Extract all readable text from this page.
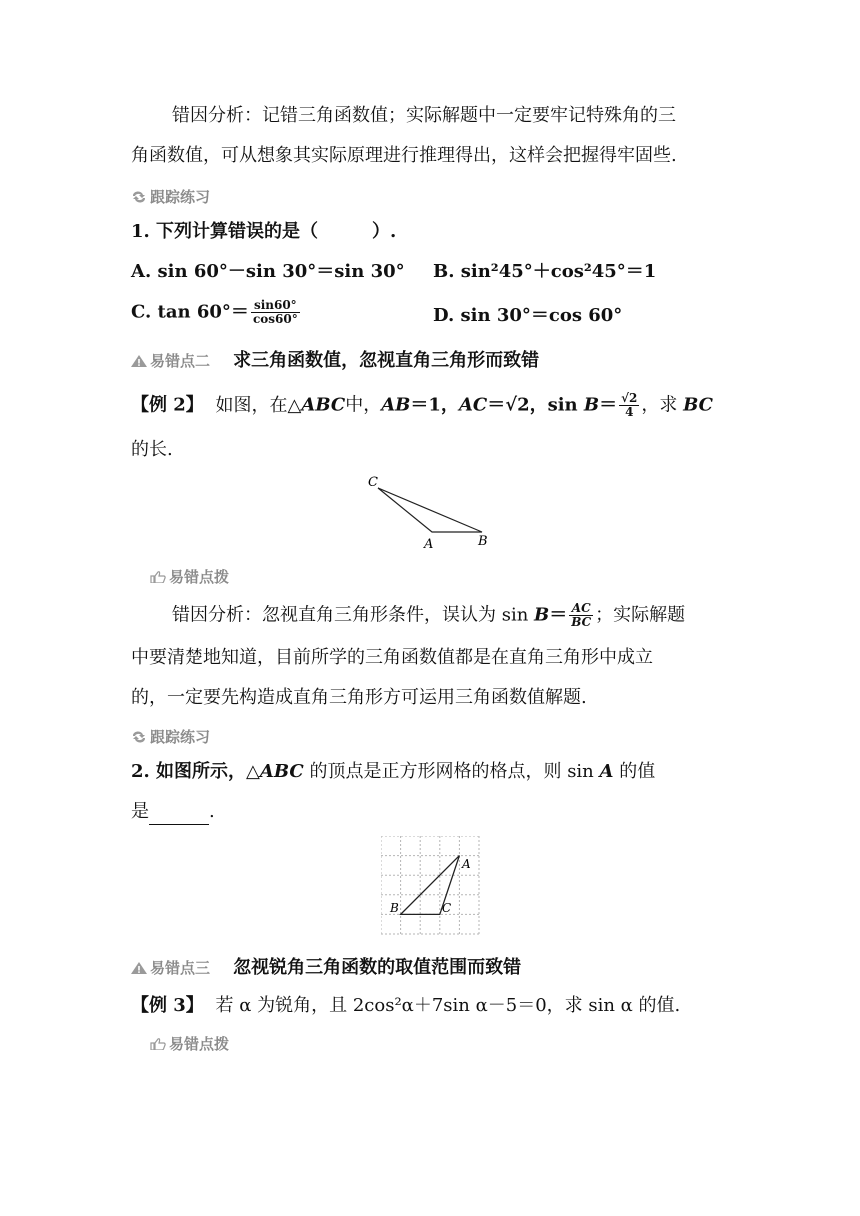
错因分析：记错三角函数值；实际解题中一定要牢记特殊角的三
角函数值，可从想象其实际原理进行推理得出，这样会把握得牢固些.
跟踪练习
1. 下列计算错误的是（　　　）.
A. sin 60°－sin 30°＝sin 30° B. sin²45°＋cos²45°＝1
C. $\tan 60^\circ= \frac{\sin 60^\circ}{\cos 60^\circ}$	D. sin 30°＝cos 60°
易错点二 求三角函数值，忽视直角三角形而致错
【例 2】 如图，在△ABC中，AB＝1，AC＝√2，$\sin B= \frac{√2}{4}$ ，求 BC
的长.
C
A	B
易错点拨
错因分析：忽视直角三角形条件，误认为 $\sin B= \frac{AC}{BC}$ ；实际解题
中要清楚地知道，目前所学的三角函数值都是在直角三角形中成立
的，一定要先构造成直角三角形方可运用三角函数值解题.
跟踪练习
2. 如图所示，△ABC 的顶点是正方形网格的格点，则 sin A 的值
是	.
A
B	C
易错点三 忽视锐角三角函数的取值范围而致错
【例 3】 若 α 为锐角，且 2cos²α＋7sin α－5＝0，求 sin α 的值.
易错点拨
